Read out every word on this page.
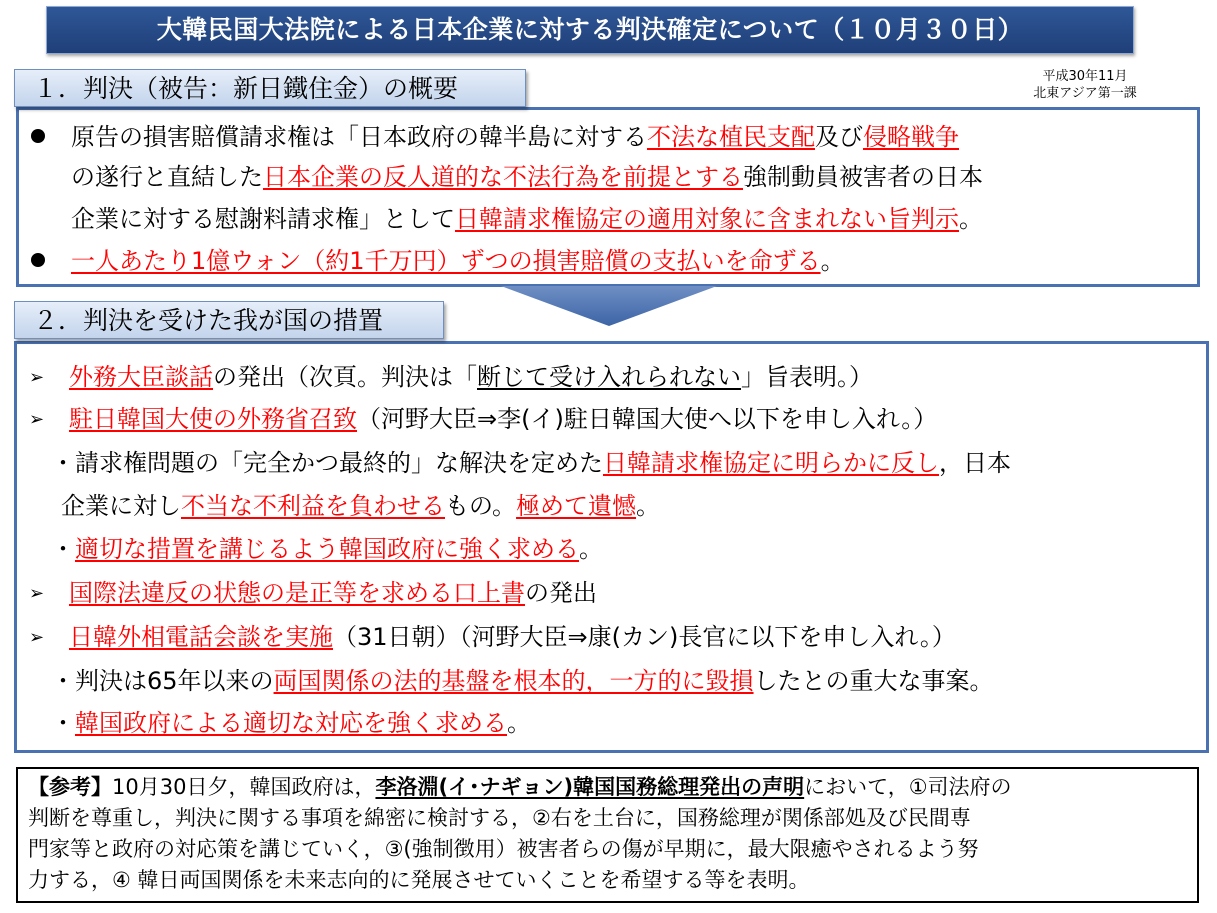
大韓民国大法院による日本企業に対する判決確定について（１０月３０日）
平成30年11月
北東アジア第一課
１．判決（被告：新日鐵住金）の概要
原告の損害賠償請求権は「日本政府の韓半島に対する不法な植民支配及び侵略戦争
の遂行と直結した日本企業の反人道的な不法行為を前提とする強制動員被害者の日本
企業に対する慰謝料請求権」として日韓請求権協定の適用対象に含まれない旨判示。
一人あたり1億ウォン（約1千万円）ずつの損害賠償の支払いを命ずる。
２．判決を受けた我が国の措置
➢ 外務大臣談話の発出（次頁。判決は「断じて受け入れられない」旨表明。）
➢ 駐日韓国大使の外務省召致（河野大臣⇒李(イ)駐日韓国大使へ以下を申し入れ。）
・請求権問題の「完全かつ最終的」な解決を定めた日韓請求権協定に明らかに反し，日本
企業に対し不当な不利益を負わせるもの。極めて遺憾。
・適切な措置を講じるよう韓国政府に強く求める。
➢ 国際法違反の状態の是正等を求める口上書の発出
➢ 日韓外相電話会談を実施（31日朝）（河野大臣⇒康(カン)長官に以下を申し入れ。）
・判決は65年以来の両国関係の法的基盤を根本的，一方的に毀損したとの重大な事案。
・韓国政府による適切な対応を強く求める。
【参考】10月30日夕，韓国政府は，李洛淵(イ･ナギョン)韓国国務総理発出の声明において，①司法府の
判断を尊重し，判決に関する事項を綿密に検討する，②右を土台に，国務総理が関係部処及び民間専
門家等と政府の対応策を講じていく，③(強制徴用）被害者らの傷が早期に，最大限癒やされるよう努
力する，④ 韓日両国関係を未来志向的に発展させていくことを希望する等を表明。
